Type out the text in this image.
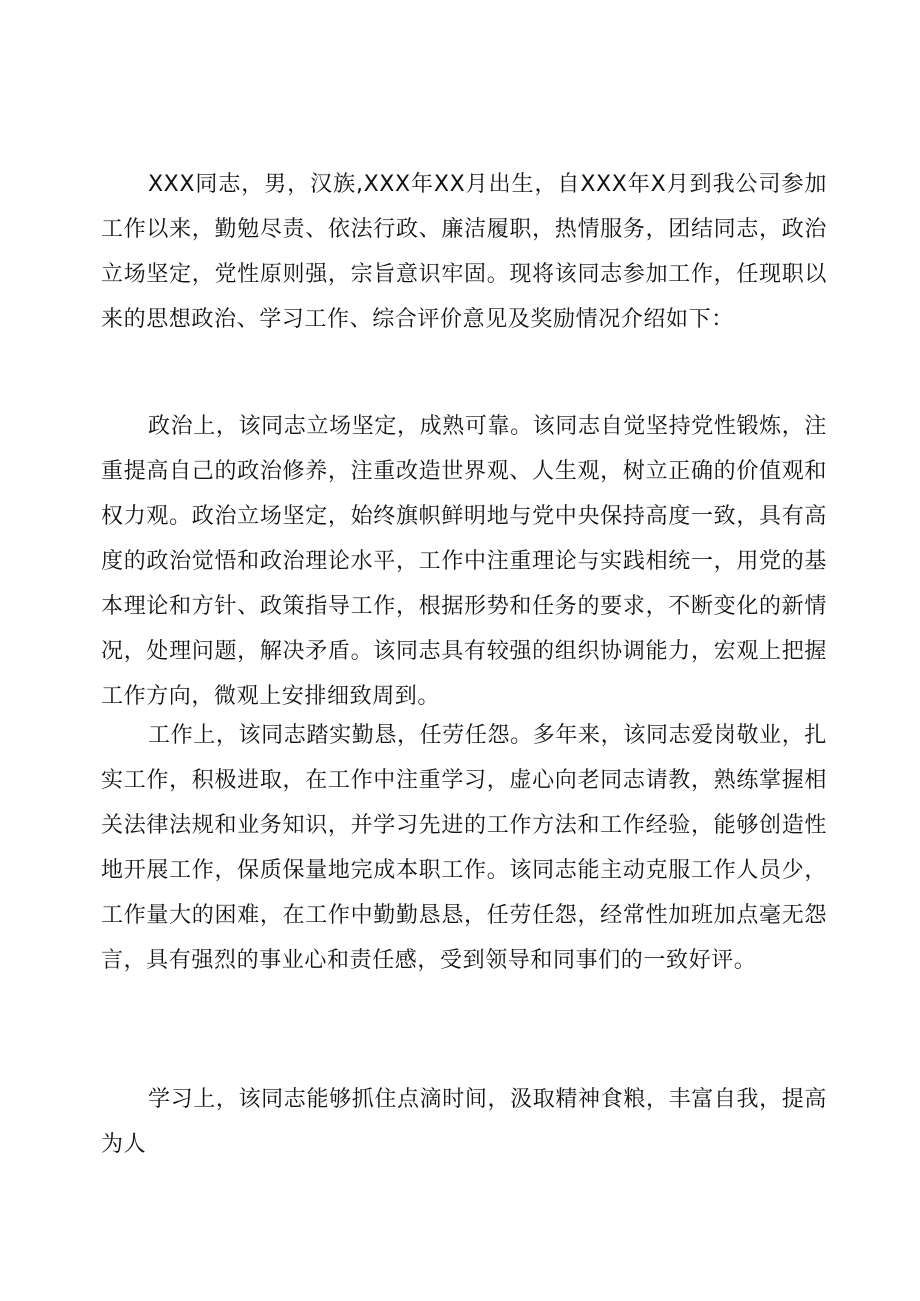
XXX同志，男，汉族,XXX年XX月出生，自XXX年X月到我公司参加工作以来，勤勉尽责、依法行政、廉洁履职，热情服务，团结同志，政治立场坚定，党性原则强，宗旨意识牢固。现将该同志参加工作，任现职以来的思想政治、学习工作、综合评价意见及奖励情况介绍如下：

政治上，该同志立场坚定，成熟可靠。该同志自觉坚持党性锻炼，注重提高自己的政治修养，注重改造世界观、人生观，树立正确的价值观和权力观。政治立场坚定，始终旗帜鲜明地与党中央保持高度一致，具有高度的政治觉悟和政治理论水平，工作中注重理论与实践相统一，用党的基本理论和方针、政策指导工作，根据形势和任务的要求，不断变化的新情况，处理问题，解决矛盾。该同志具有较强的组织协调能力，宏观上把握工作方向，微观上安排细致周到。

工作上，该同志踏实勤恳，任劳任怨。多年来，该同志爱岗敬业，扎实工作，积极进取，在工作中注重学习，虚心向老同志请教，熟练掌握相关法律法规和业务知识，并学习先进的工作方法和工作经验，能够创造性地开展工作，保质保量地完成本职工作。该同志能主动克服工作人员少，工作量大的困难，在工作中勤勤恳恳，任劳任怨，经常性加班加点毫无怨言，具有强烈的事业心和责任感，受到领导和同事们的一致好评。

学习上，该同志能够抓住点滴时间，汲取精神食粮，丰富自我，提高为人
